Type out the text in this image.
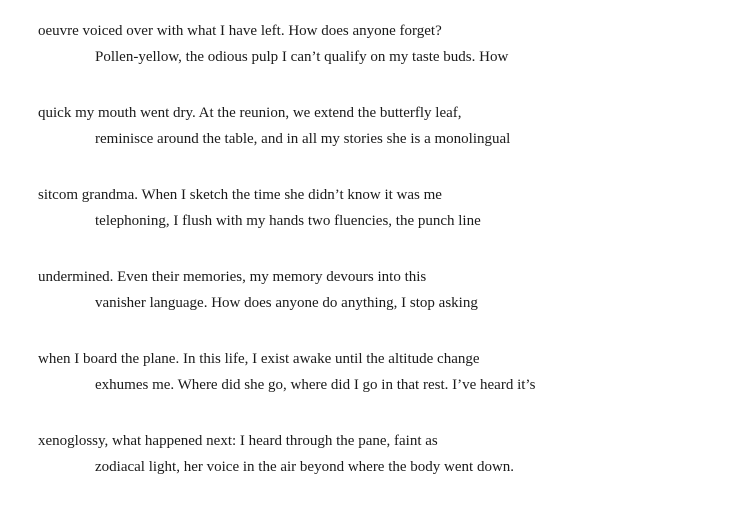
oeuvre voiced over with what I have left. How does anyone forget?
Pollen-yellow, the odious pulp I can’t qualify on my taste buds. How
quick my mouth went dry. At the reunion, we extend the butterfly leaf,
reminisce around the table, and in all my stories she is a monolingual
sitcom grandma. When I sketch the time she didn’t know it was me
telephoning, I flush with my hands two fluencies, the punch line
undermined. Even their memories, my memory devours into this
vanisher language. How does anyone do anything, I stop asking
when I board the plane. In this life, I exist awake until the altitude change
exhumes me. Where did she go, where did I go in that rest. I’ve heard it’s
xenoglossy, what happened next: I heard through the pane, faint as
zodiacal light, her voice in the air beyond where the body went down.
